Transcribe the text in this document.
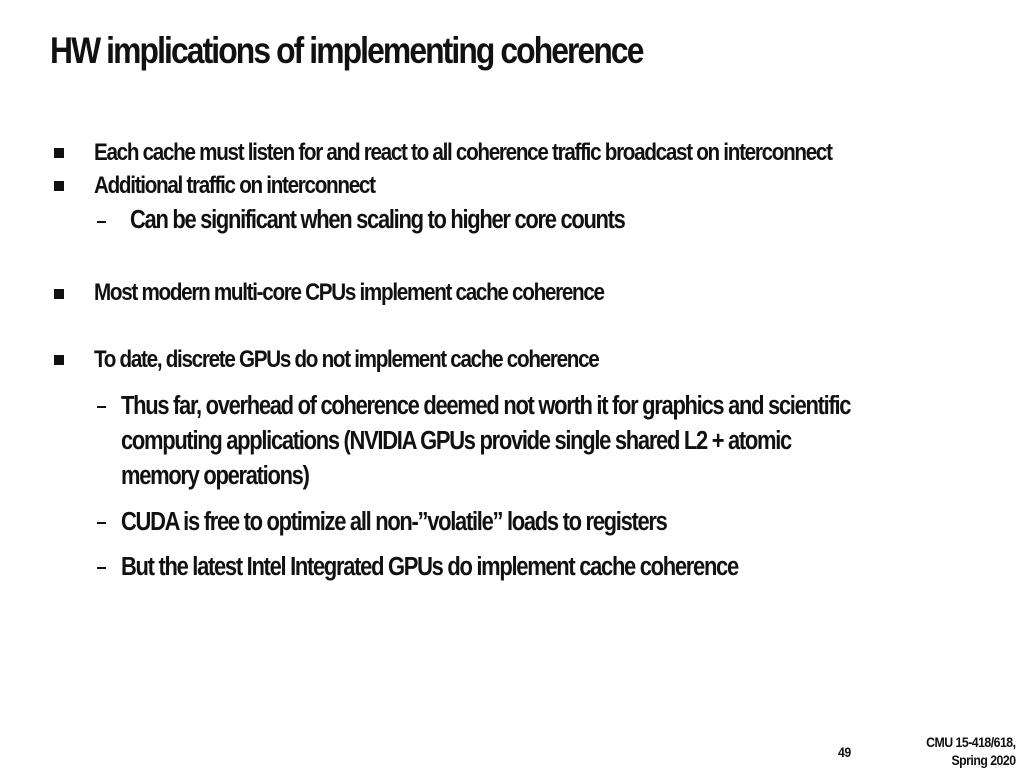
HW implications of implementing coherence
Each cache must listen for and react to all coherence traffic broadcast on interconnect
Additional traffic on interconnect
Can be significant when scaling to higher core counts
Most modern multi-core CPUs implement cache coherence
To date, discrete GPUs do not implement cache coherence
Thus far, overhead of coherence deemed not worth it for graphics and scientific
computing applications (NVIDIA GPUs provide single shared L2 + atomic
memory operations)
CUDA is free to optimize all non-”volatile” loads to registers
But the latest Intel Integrated GPUs do implement cache coherence
49
CMU 15-418/618,
Spring 2020
